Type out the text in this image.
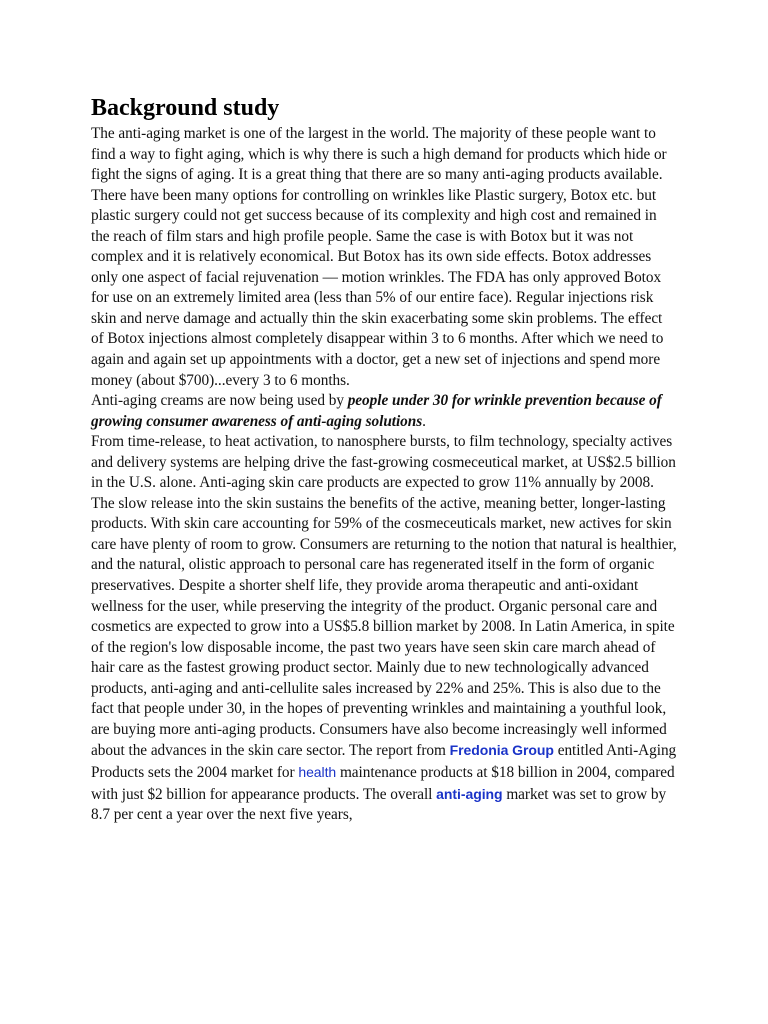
Background study

The anti-aging market is one of the largest in the world. The majority of these people want to find a way to fight aging, which is why there is such a high demand for products which hide or fight the signs of aging. It is a great thing that there are so many anti-aging products available.

There have been many options for controlling on wrinkles like Plastic surgery, Botox etc. but plastic surgery could not get success because of its complexity and high cost and remained in the reach of film stars and high profile people. Same the case is with Botox but it was not complex and it is relatively economical. But Botox has its own side effects. Botox addresses only one aspect of facial rejuvenation — motion wrinkles. The FDA has only approved Botox for use on an extremely limited area (less than 5% of our entire face). Regular injections risk skin and nerve damage and actually thin the skin exacerbating some skin problems. The effect of Botox injections almost completely disappear within 3 to 6 months. After which we need to again and again set up appointments with a doctor, get a new set of injections and spend more money (about $700)...every 3 to 6 months.

Anti-aging creams are now being used by people under 30 for wrinkle prevention because of growing consumer awareness of anti-aging solutions.

From time-release, to heat activation, to nanosphere bursts, to film technology, specialty actives and delivery systems are helping drive the fast-growing cosmeceutical market, at US$2.5 billion in the U.S. alone. Anti-aging skin care products are expected to grow 11% annually by 2008. The slow release into the skin sustains the benefits of the active, meaning better, longer-lasting products. With skin care accounting for 59% of the cosmeceuticals market, new actives for skin care have plenty of room to grow. Consumers are returning to the notion that natural is healthier, and the natural, olistic approach to personal care has regenerated itself in the form of organic preservatives. Despite a shorter shelf life, they provide aroma therapeutic and anti-oxidant wellness for the user, while preserving the integrity of the product. Organic personal care and cosmetics are expected to grow into a US$5.8 billion market by 2008. In Latin America, in spite of the region's low disposable income, the past two years have seen skin care march ahead of hair care as the fastest growing product sector. Mainly due to new technologically advanced products, anti-aging and anti-cellulite sales increased by 22% and 25%. This is also due to the fact that people under 30, in the hopes of preventing wrinkles and maintaining a youthful look, are buying more anti-aging products. Consumers have also become increasingly well informed about the advances in the skin care sector. The report from Fredonia Group entitled Anti-Aging Products sets the 2004 market for health maintenance products at $18 billion in 2004, compared with just $2 billion for appearance products. The overall anti-aging market was set to grow by 8.7 per cent a year over the next five years,
